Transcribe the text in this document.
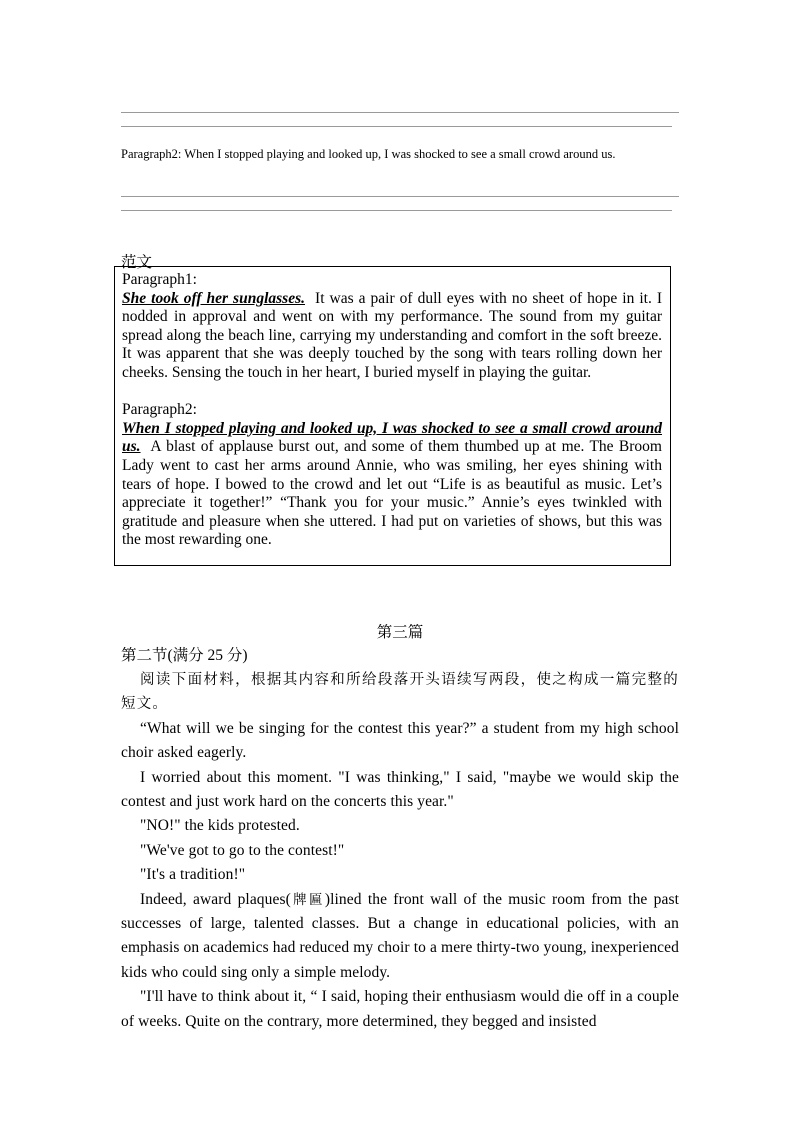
Paragraph2: When I stopped playing and looked up, I was shocked to see a small crowd around us.
范文

Paragraph1:

She took off her sunglasses. It was a pair of dull eyes with no sheet of hope in it. I nodded in approval and went on with my performance. The sound from my guitar spread along the beach line, carrying my understanding and comfort in the soft breeze. It was apparent that she was deeply touched by the song with tears rolling down her cheeks. Sensing the touch in her heart, I buried myself in playing the guitar.

Paragraph2:

When I stopped playing and looked up, I was shocked to see a small crowd around us. A blast of applause burst out, and some of them thumbed up at me. The Broom Lady went to cast her arms around Annie, who was smiling, her eyes shining with tears of hope. I bowed to the crowd and let out “Life is as beautiful as music. Let’s appreciate it together!” “Thank you for your music.” Annie’s eyes twinkled with gratitude and pleasure when she uttered. I had put on varieties of shows, but this was the most rewarding one.

第三篇

第二节(满分 25 分)

阅读下面材料，根据其内容和所给段落开头语续写两段，使之构成一篇完整的短文。

“What will we be singing for the contest this year?” a student from my high school choir asked eagerly.

I worried about this moment. "I was thinking," I said, "maybe we would skip the contest and just work hard on the concerts this year."

"NO!" the kids protested.

"We've got to go to the contest!"

"It's a tradition!"

Indeed, award plaques(牌匾)lined the front wall of the music room from the past successes of large, talented classes. But a change in educational policies, with an emphasis on academics had reduced my choir to a mere thirty-two young, inexperienced kids who could sing only a simple melody.

"I'll have to think about it, “ I said, hoping their enthusiasm would die off in a couple of weeks. Quite on the contrary, more determined, they begged and insisted
